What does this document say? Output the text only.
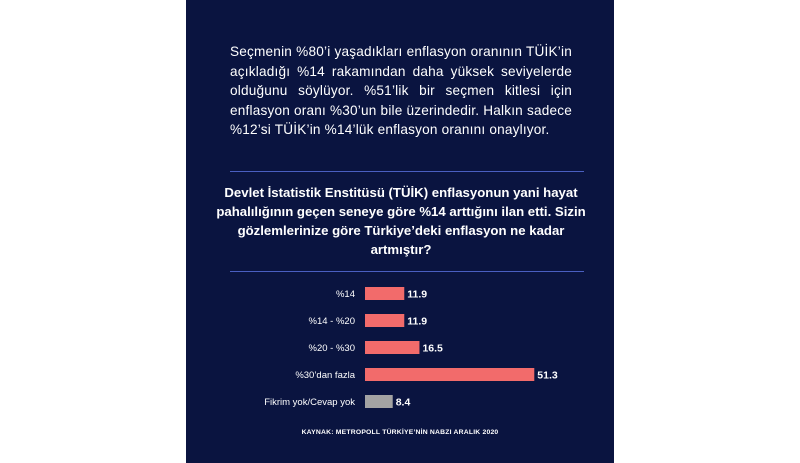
Seçmenin %80’i yaşadıkları enflasyon oranının TÜİK’in açıkladığı %14 rakamından daha yüksek seviyelerde olduğunu söylüyor. %51’lik bir seçmen kitlesi için enflasyon oranı %30’un bile üzerindedir. Halkın sadece %12’si TÜİK’in %14’lük enflasyon oranını onaylıyor.
Devlet İstatistik Enstitüsü (TÜİK) enflasyonun yani hayat pahalılığının geçen seneye göre %14 arttığını ilan etti. Sizin gözlemlerinize göre Türkiye’deki enflasyon ne kadar artmıştır?
%14	11.9
%14 - %20	11.9
%20 - %30	16.5
%30’dan fazla	51.3
Fikrim yok/Cevap yok	8.4
KAYNAK: METROPOLL TÜRKİYE’NİN NABZI ARALIK 2020
